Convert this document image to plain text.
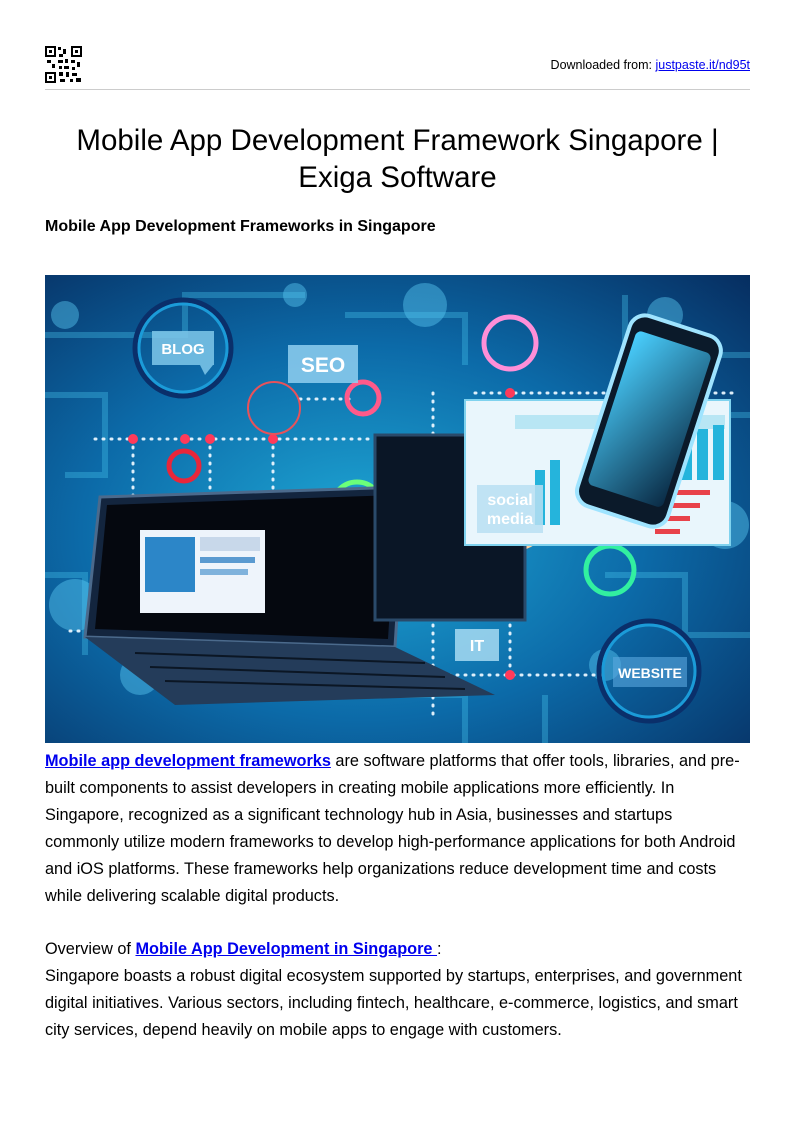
Downloaded from: justpaste.it/nd95t
Mobile App Development Framework Singapore | Exiga Software
Mobile App Development Frameworks in Singapore
BLOG
SEO
social
media
IT
WEBSITE

Mobile app development frameworks are software platforms that offer tools, libraries, and pre-built components to assist developers in creating mobile applications more efficiently. In Singapore, recognized as a significant technology hub in Asia, businesses and startups commonly utilize modern frameworks to develop high-performance applications for both Android and iOS platforms. These frameworks help organizations reduce development time and costs while delivering scalable digital products.

Overview of Mobile App Development in Singapore :
Singapore boasts a robust digital ecosystem supported by startups, enterprises, and government digital initiatives. Various sectors, including fintech, healthcare, e-commerce, logistics, and smart city services, depend heavily on mobile apps to engage with customers.
